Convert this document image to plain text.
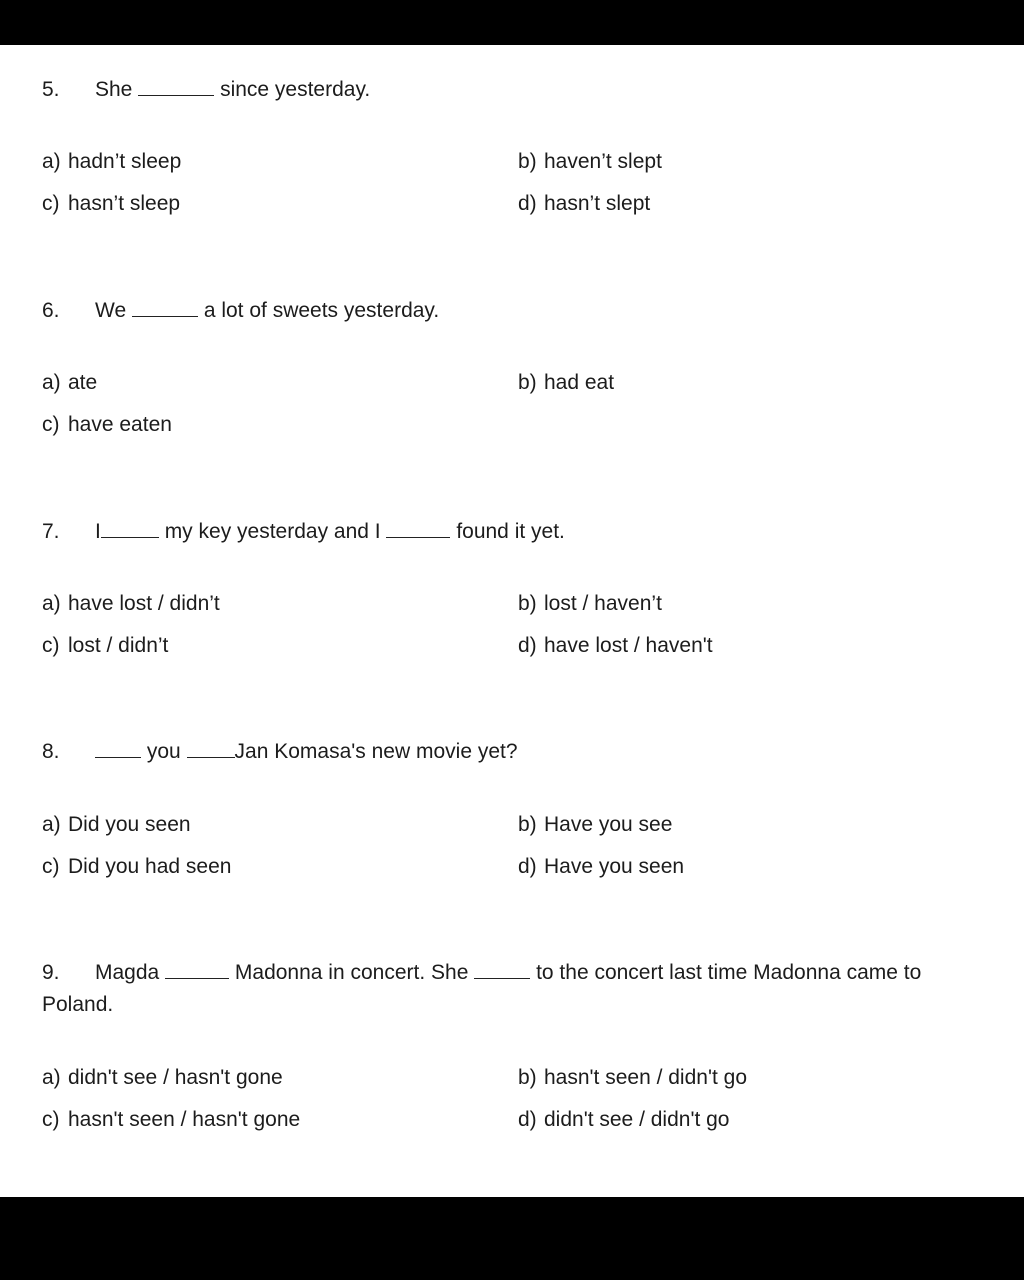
5. She	since yesterday.
a) hadn’t sleep	b) haven’t slept
c) hasn’t sleep	d) hasn’t slept
6. We	a lot of sweets yesterday.
a) ate	b) had eat
c) have eaten
7. I	my key yesterday and I	found it yet.
a) have lost / didn’t	b) lost / haven’t
c) lost / didn’t	d) have lost / haven't
8.	you	Jan Komasa's new movie yet?
a) Did you seen	b) Have you see
c) Did you had seen	d) Have you seen
9. Magda	Madonna in concert. She	to the concert last time Madonna came to
Poland.
a) didn't see / hasn't gone	b) hasn't seen / didn't go
c) hasn't seen / hasn't gone	d) didn't see / didn't go
